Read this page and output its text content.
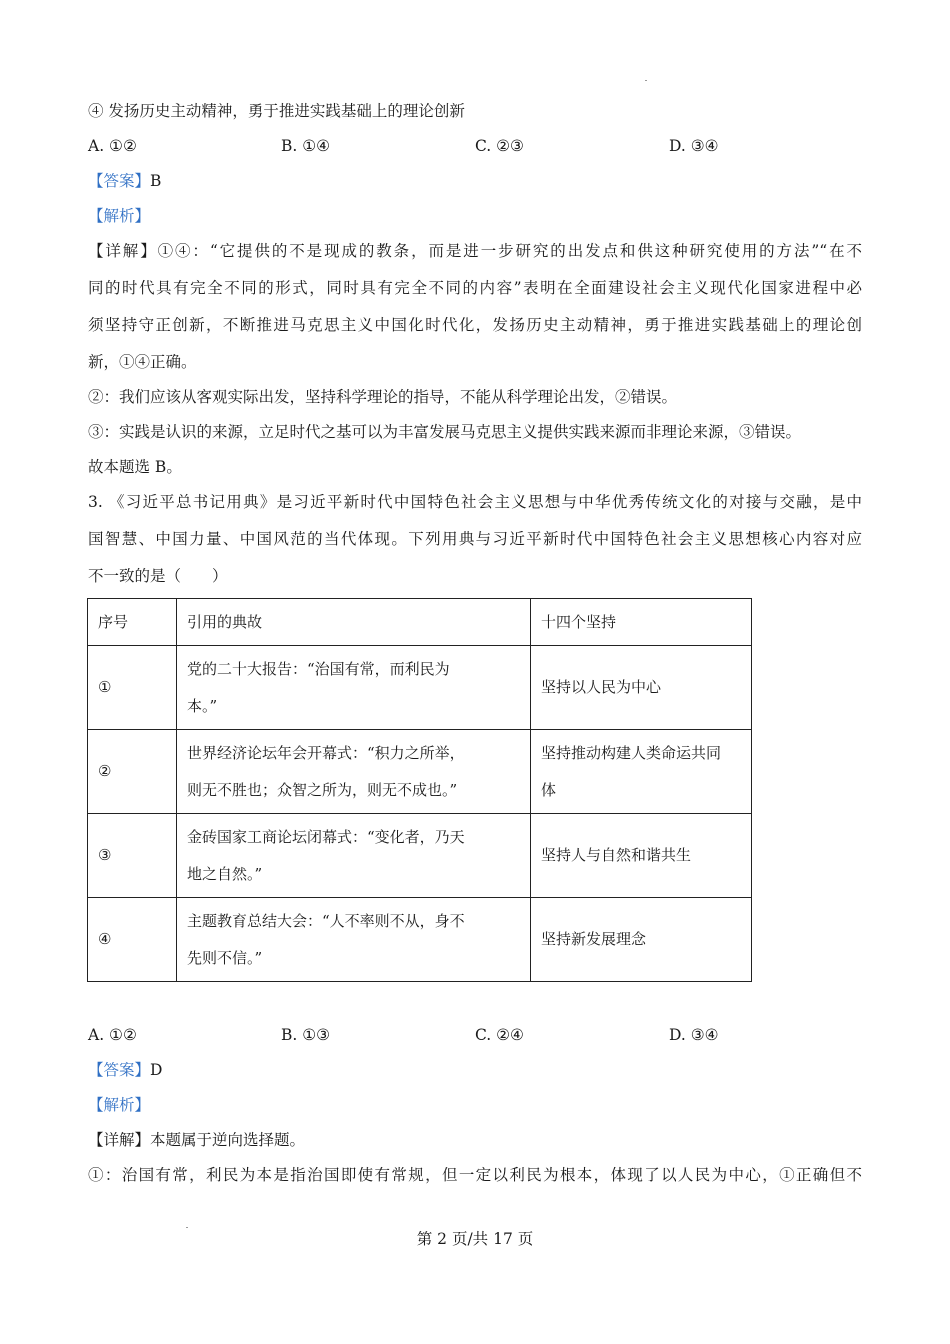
④ 发扬历史主动精神，勇于推进实践基础上的理论创新
A. ①②	B. ①④	C. ②③	D. ③④
【答案】B
【解析】
【详解】①④：“它提供的不是现成的教条，而是进一步研究的出发点和供这种研究使用的方法”“在不
同的时代具有完全不同的形式，同时具有完全不同的内容”表明在全面建设社会主义现代化国家进程中必
须坚持守正创新，不断推进马克思主义中国化时代化，发扬历史主动精神，勇于推进实践基础上的理论创
新，①④正确。
②：我们应该从客观实际出发，坚持科学理论的指导，不能从科学理论出发，②错误。
③：实践是认识的来源，立足时代之基可以为丰富发展马克思主义提供实践来源而非理论来源，③错误。
故本题选 B。
3. 《习近平总书记用典》是习近平新时代中国特色社会主义思想与中华优秀传统文化的对接与交融，是中
国智慧、中国力量、中国风范的当代体现。下列用典与习近平新时代中国特色社会主义思想核心内容对应
不一致的是（　　）
序号	引用的典故	十四个坚持
①	党的二十大报告：“治国有常，而利民为
本。”	坚持以人民为中心
②	世界经济论坛年会开幕式：“积力之所举，
则无不胜也；众智之所为，则无不成也。”	坚持推动构建人类命运共同
体
③	金砖国家工商论坛闭幕式：“变化者，乃天
地之自然。”	坚持人与自然和谐共生
④	主题教育总结大会：“人不率则不从，身不
先则不信。”	坚持新发展理念
A. ①②	B. ①③	C. ②④	D. ③④
【答案】D
【解析】
【详解】本题属于逆向选择题。
①：治国有常，利民为本是指治国即使有常规，但一定以利民为根本，体现了以人民为中心，①正确但不
第 2 页/共 17 页
